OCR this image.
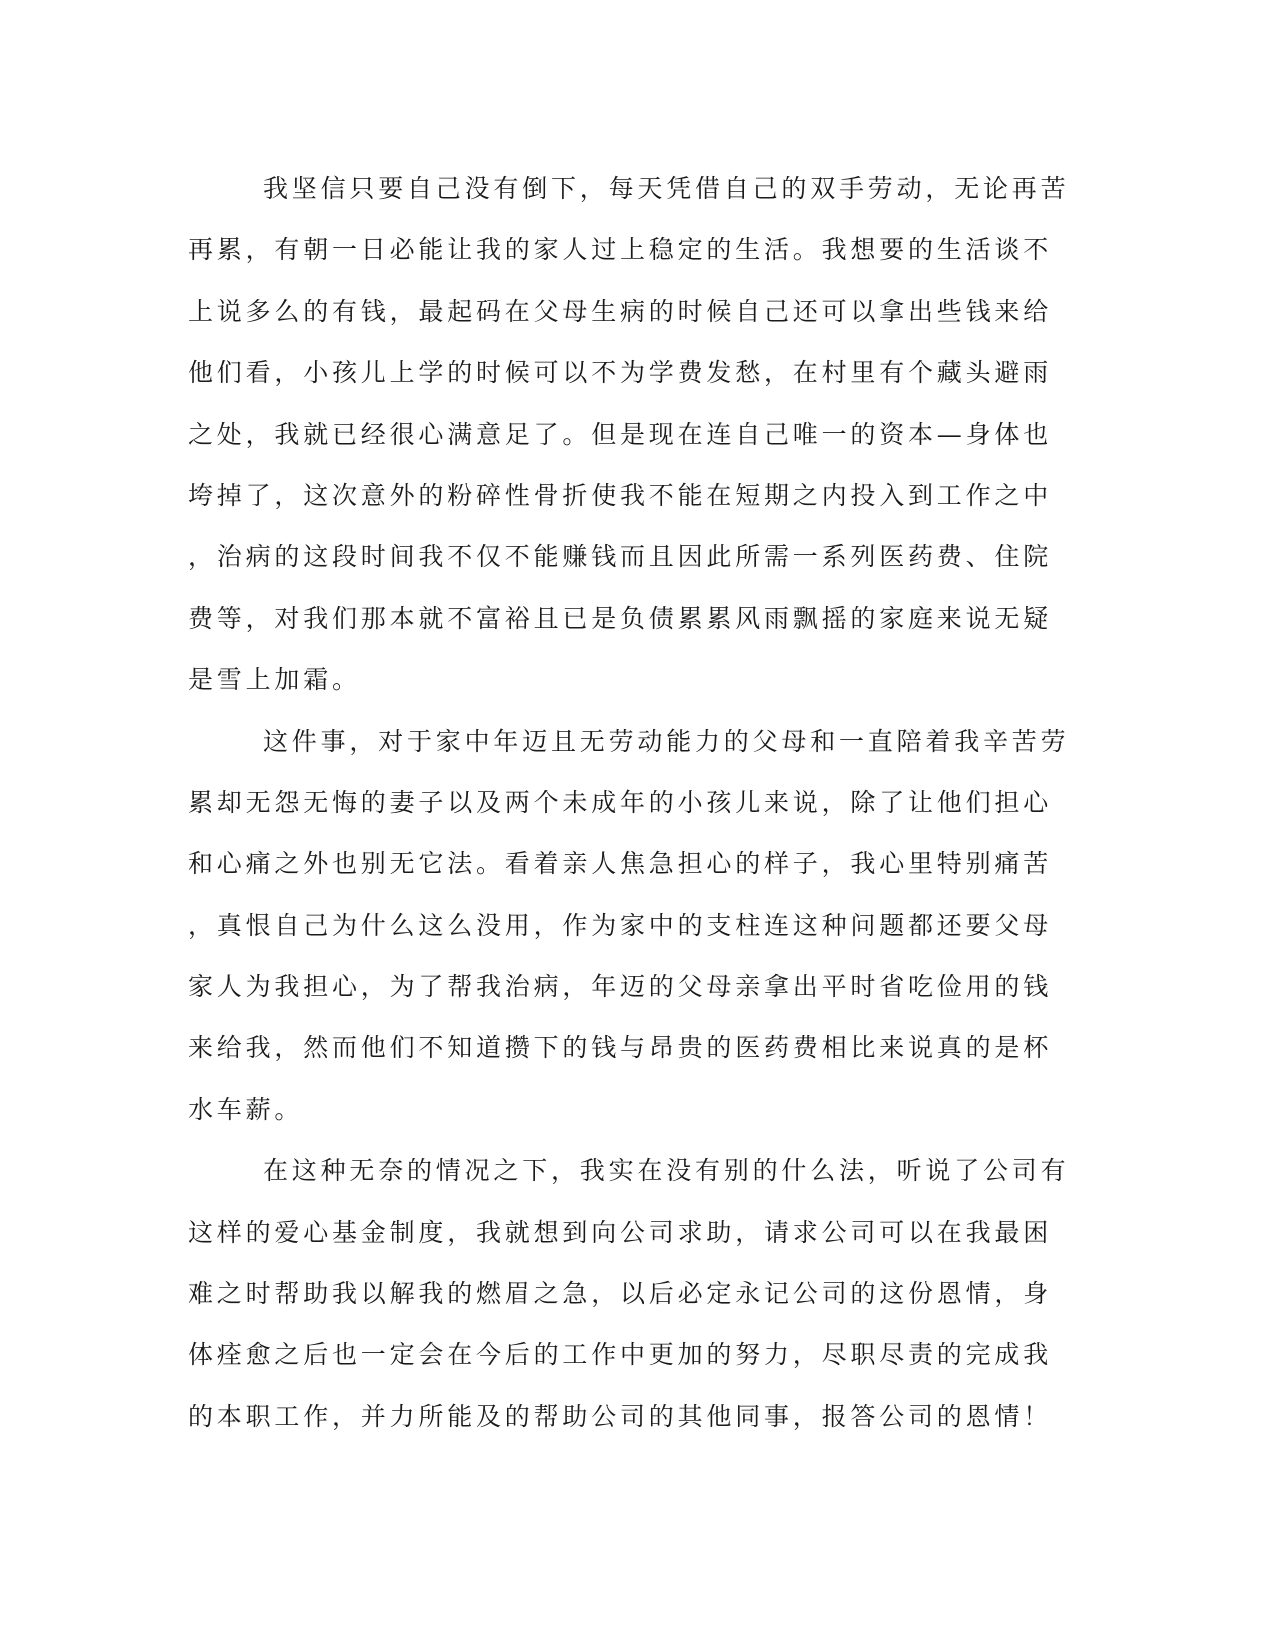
我坚信只要自己没有倒下，每天凭借自己的双手劳动，无论再苦
再累，有朝一日必能让我的家人过上稳定的生活。我想要的生活谈不
上说多么的有钱，最起码在父母生病的时候自己还可以拿出些钱来给
他们看，小孩儿上学的时候可以不为学费发愁，在村里有个藏头避雨
之处，我就已经很心满意足了。但是现在连自己唯一的资本—身体也
垮掉了，这次意外的粉碎性骨折使我不能在短期之内投入到工作之中
，治病的这段时间我不仅不能赚钱而且因此所需一系列医药费、住院
费等，对我们那本就不富裕且已是负债累累风雨飘摇的家庭来说无疑
是雪上加霜。
这件事，对于家中年迈且无劳动能力的父母和一直陪着我辛苦劳
累却无怨无悔的妻子以及两个未成年的小孩儿来说，除了让他们担心
和心痛之外也别无它法。看着亲人焦急担心的样子，我心里特别痛苦
，真恨自己为什么这么没用，作为家中的支柱连这种问题都还要父母
家人为我担心，为了帮我治病，年迈的父母亲拿出平时省吃俭用的钱
来给我，然而他们不知道攒下的钱与昂贵的医药费相比来说真的是杯
水车薪。
在这种无奈的情况之下，我实在没有别的什么法，听说了公司有
这样的爱心基金制度，我就想到向公司求助，请求公司可以在我最困
难之时帮助我以解我的燃眉之急，以后必定永记公司的这份恩情，身
体痊愈之后也一定会在今后的工作中更加的努力，尽职尽责的完成我
的本职工作，并力所能及的帮助公司的其他同事，报答公司的恩情！
